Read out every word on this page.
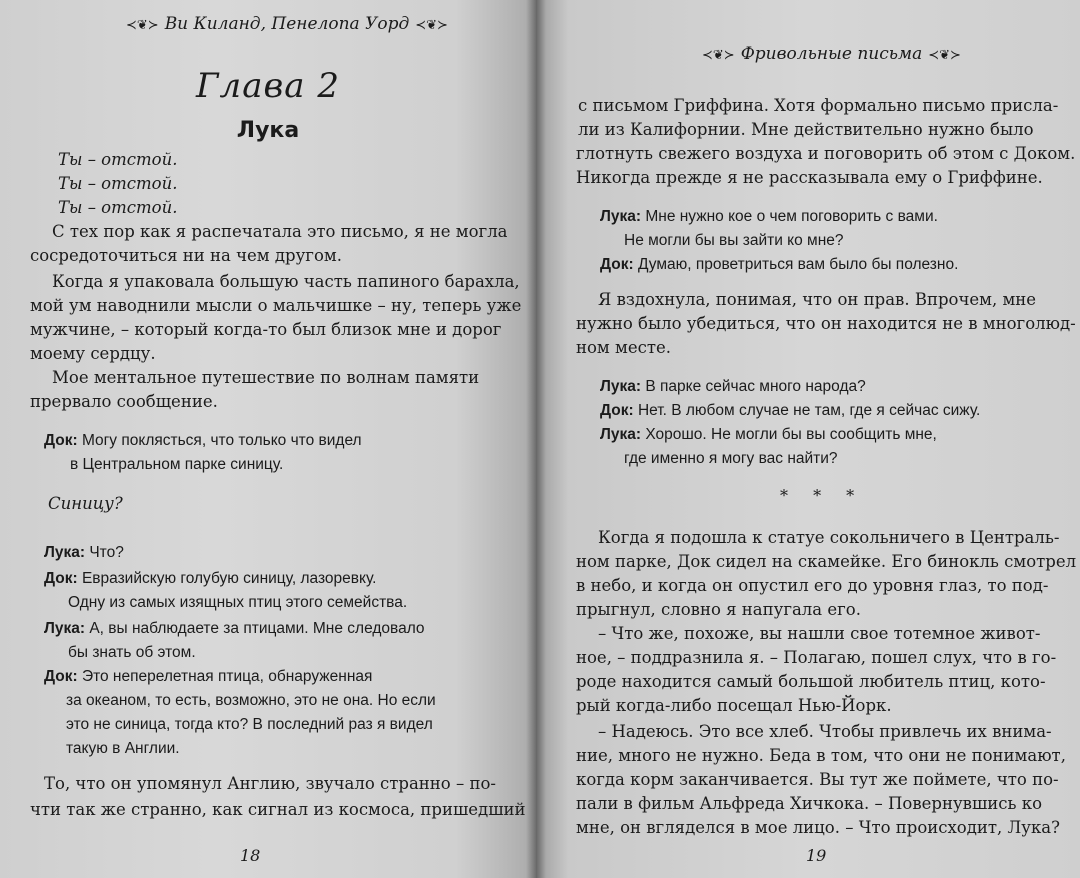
≺❦≻ Ви Киланд, Пенелопа Уорд ≺❦≻
Глава 2
Лука
Ты – отстой.
Ты – отстой.
Ты – отстой.
С тех пор как я распечатала это письмо, я не могла
сосредоточиться ни на чем другом.
Когда я упаковала большую часть папиного барахла,
мой ум наводнили мысли о мальчишке – ну, теперь уже
мужчине, – который когда-то был близок мне и дорог
моему сердцу.
Мое ментальное путешествие по волнам памяти
прервало сообщение.
Синицу?
То, что он упомянул Англию, звучало странно – по-
чти так же странно, как сигнал из космоса, пришедший
Док: Могу поклясться, что только что видел
в Центральном парке синицу.
Лука: Что?
Док: Евразийскую голубую синицу, лазоревку.
Одну из самых изящных птиц этого семейства.
Лука: А, вы наблюдаете за птицами. Мне следовало
бы знать об этом.
Док: Это неперелетная птица, обнаруженная
за океаном, то есть, возможно, это не она. Но если
это не синица, тогда кто? В последний раз я видел
такую в Англии.
18
≺❦≻ Фривольные письма ≺❦≻
19
с письмом Гриффина. Хотя формально письмо присла-
ли из Калифорнии. Мне действительно нужно было
глотнуть свежего воздуха и поговорить об этом с Доком.
Никогда прежде я не рассказывала ему о Гриффине.
Я вздохнула, понимая, что он прав. Впрочем, мне
нужно было убедиться, что он находится не в многолюд-
ном месте.
Когда я подошла к статуе сокольничего в Централь-
ном парке, Док сидел на скамейке. Его бинокль смотрел
в небо, и когда он опустил его до уровня глаз, то под-
прыгнул, словно я напугала его.
– Что же, похоже, вы нашли свое тотемное живот-
ное, – поддразнила я. – Полагаю, пошел слух, что в го-
роде находится самый большой любитель птиц, кото-
рый когда-либо посещал Нью-Йорк.
– Надеюсь. Это все хлеб. Чтобы привлечь их внима-
ние, много не нужно. Беда в том, что они не понимают,
когда корм заканчивается. Вы тут же поймете, что по-
пали в фильм Альфреда Хичкока. – Повернувшись ко
мне, он вгляделся в мое лицо. – Что происходит, Лука?
Лука: Мне нужно кое о чем поговорить с вами.
Не могли бы вы зайти ко мне?
Док: Думаю, проветриться вам было бы полезно.
Лука: В парке сейчас много народа?
Док: Нет. В любом случае не там, где я сейчас сижу.
Лука: Хорошо. Не могли бы вы сообщить мне,
где именно я могу вас найти?
* * *
